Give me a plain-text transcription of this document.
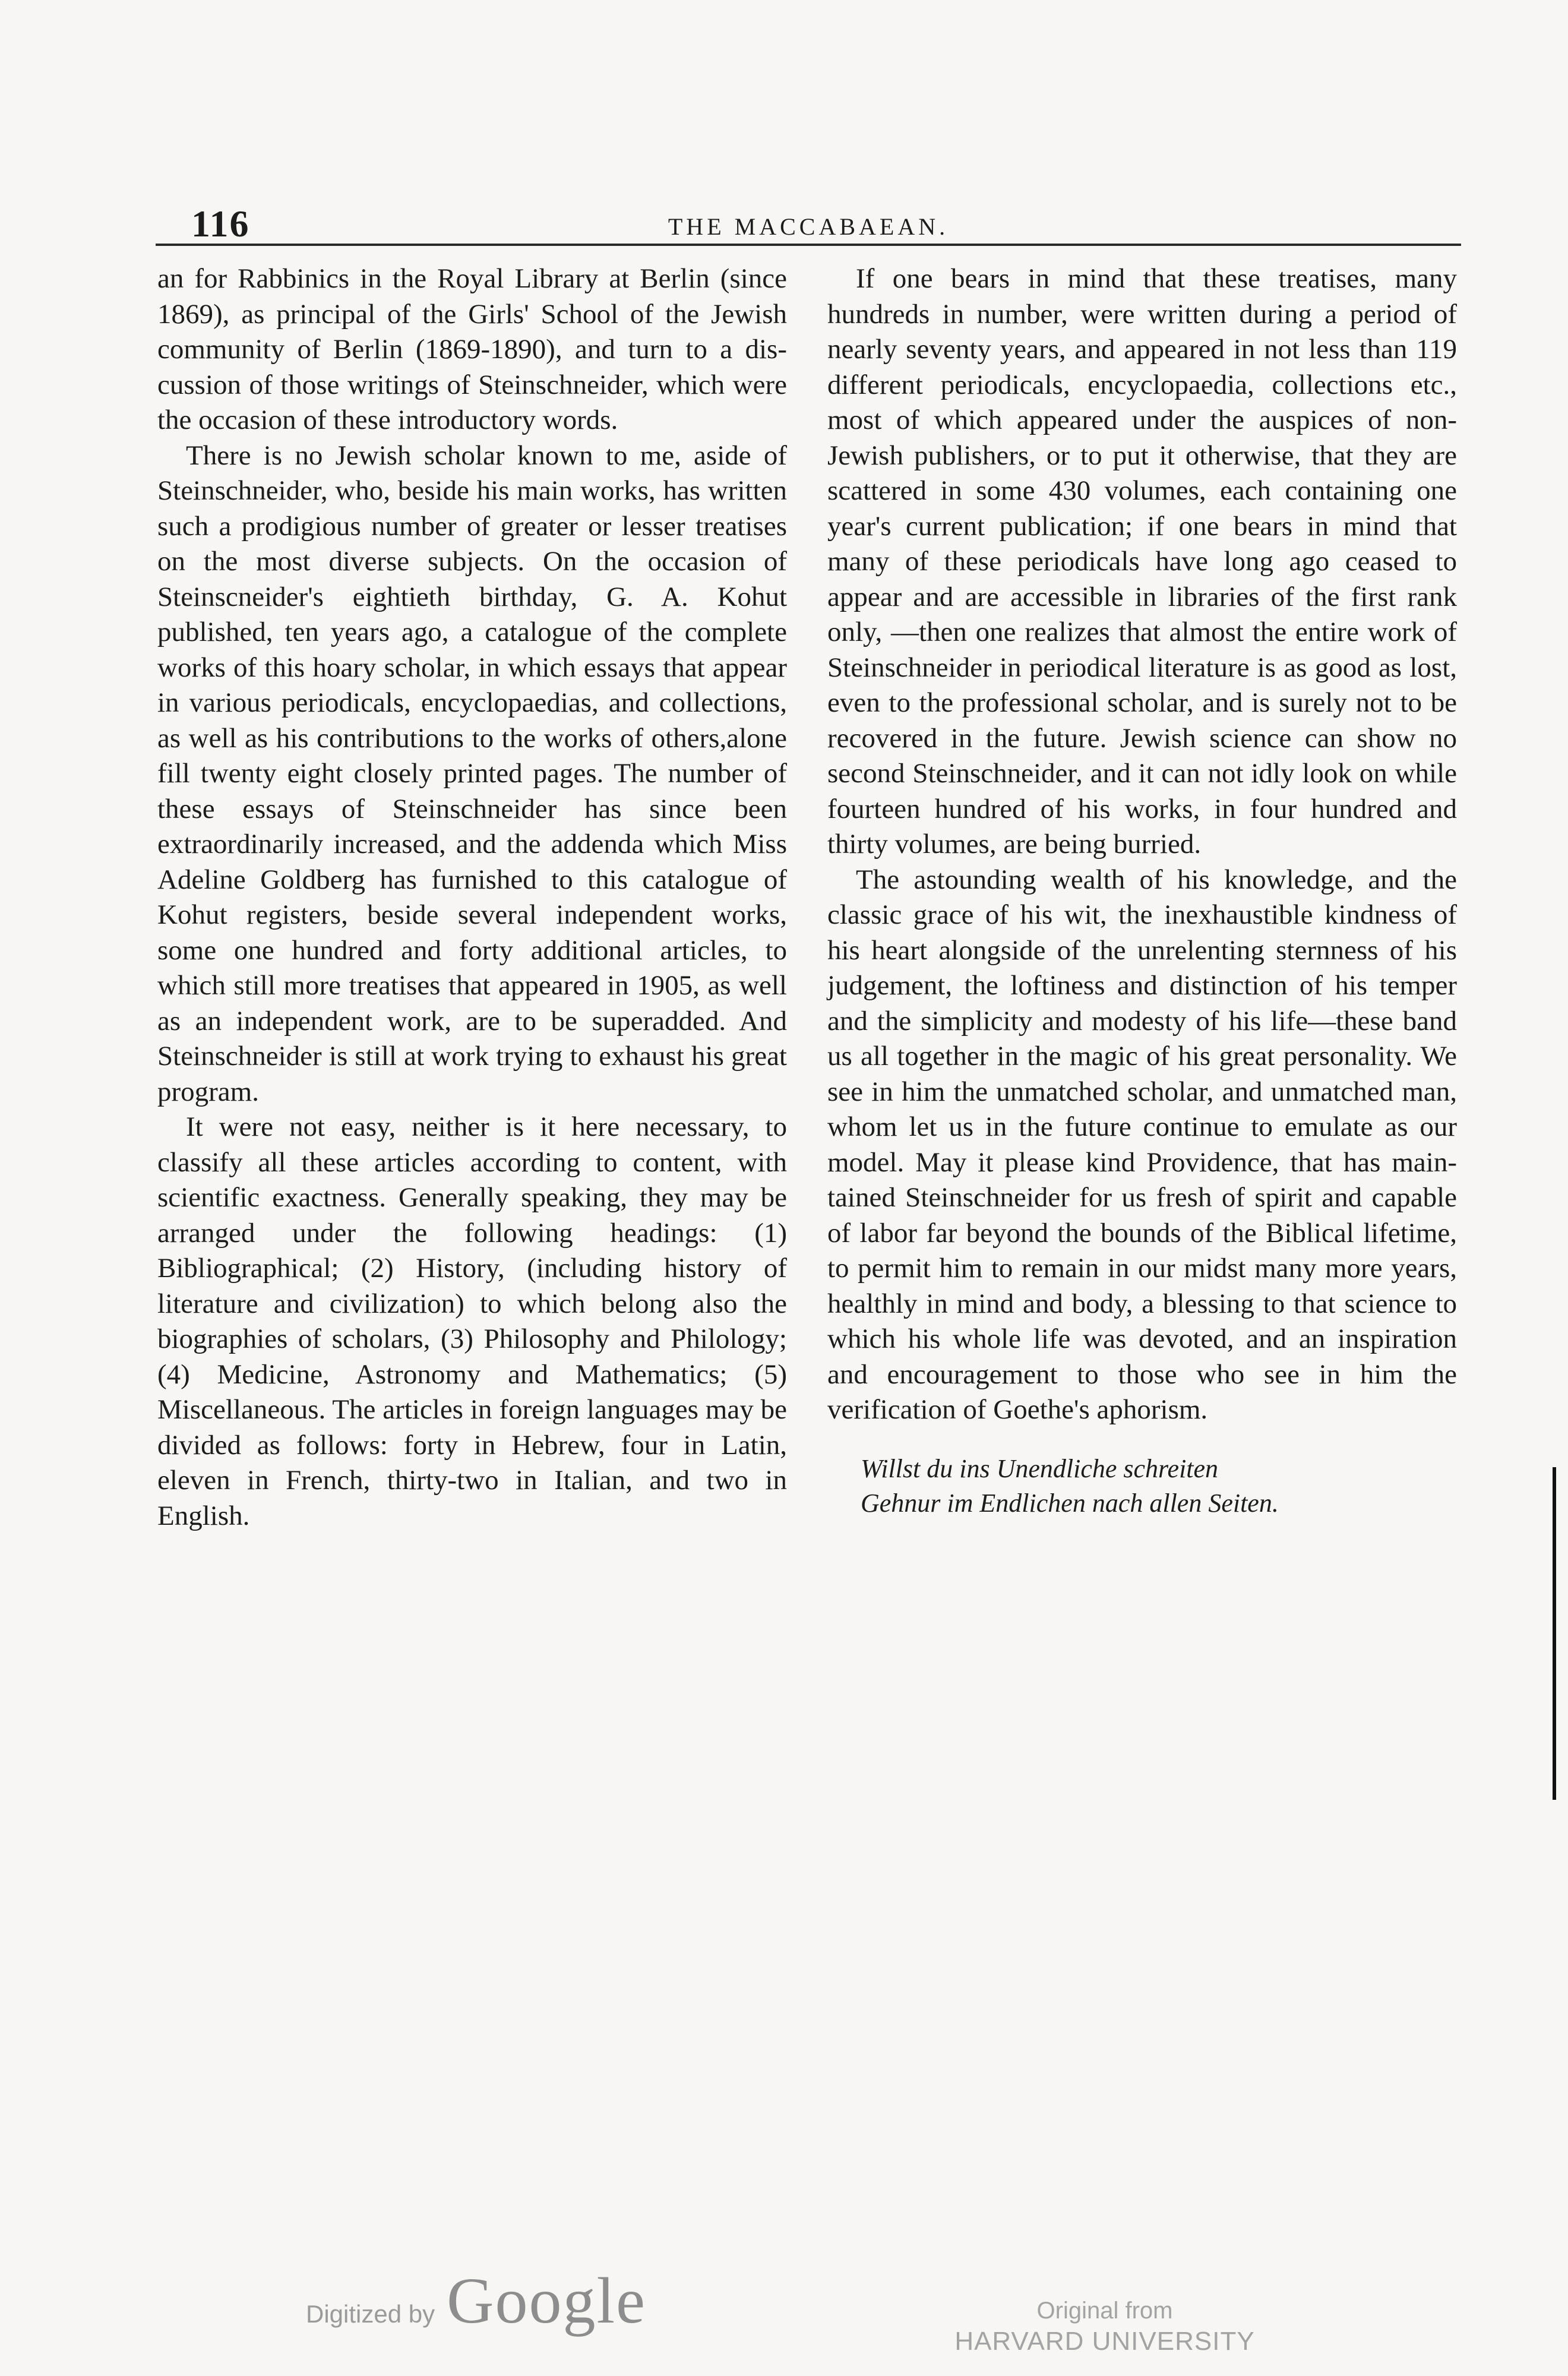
116	THE MACCABAEAN.

an for Rabbinics in the Royal Library at Berlin (since 1869), as principal of the Girls' School of the Jewish community of Berlin (1869-1890), and turn to a discussion of those writings of Steinschneider, which were the occasion of these introductory words.

There is no Jewish scholar known to me, aside of Steinschneider, who, beside his main works, has written such a prodigious number of greater or lesser treatises on the most diverse subjects. On the occasion of Steinscneider's eightieth birthday, G. A. Kohut published, ten years ago, a catalogue of the complete works of this hoary scholar, in which essays that appear in various periodicals, encyclopaedias, and collections, as well as his contributions to the works of others,alone fill twenty eight closely printed pages. The number of these essays of Steinschneider has since been extraordinarily increased, and the addenda which Miss Adeline Goldberg has furnished to this catalogue of Kohut registers, beside several independent works, some one hundred and forty additional articles, to which still more treatises that appeared in 1905, as well as an independent work, are to be superadded. And Steinschneider is still at work trying to exhaust his great program.

It were not easy, neither is it here necessary, to classify all these articles according to content, with scientific exactness. Generally speaking, they may be arranged under the following headings: (1) Bibliographical; (2) History, (including history of literature and civilization) to which belong also the biographies of scholars, (3) Philosophy and Philology; (4) Medicine, Astronomy and Mathematics; (5) Miscellaneous. The articles in foreign languages may be divided as follows: forty in Hebrew, four in Latin, eleven in French, thirty-two in Italian, and two in English.

If one bears in mind that these treatises, many hundreds in number, were written during a period of nearly seventy years, and appeared in not less than 119 different periodicals, encyclopaedia, collections etc., most of which appeared under the auspices of non-Jewish publishers, or to put it otherwise, that they are scattered in some 430 volumes, each containing one year's current publication; if one bears in mind that many of these periodicals have long ago ceased to appear and are accessible in libraries of the first rank only, —then one realizes that almost the entire work of Steinschneider in periodical literature is as good as lost, even to the professional scholar, and is surely not to be recovered in the future. Jewish science can show no second Steinschneider, and it can not idly look on while fourteen hundred of his works, in four hundred and thirty volumes, are being burried.

The astounding wealth of his knowledge, and the classic grace of his wit, the inexhaustible kindness of his heart alongside of the unrelenting sternness of his judgement, the loftiness and distinction of his temper and the simplicity and modesty of his life—these band us all together in the magic of his great personality. We see in him the unmatched scholar, and unmatched man, whom let us in the future continue to emulate as our model. May it please kind Providence, that has maintained Steinschneider for us fresh of spirit and capable of labor far beyond the bounds of the Biblical lifetime, to permit him to remain in our midst many more years, healthly in mind and body, a blessing to that science to which his whole life was devoted, and an inspiration and encouragement to those who see in him the verification of Goethe's aphorism.

Willst du ins Unendliche schreiten
Gehnur im Endlichen nach allen Seiten.
Digitized by Google	Original from
HARVARD UNIVERSITY
